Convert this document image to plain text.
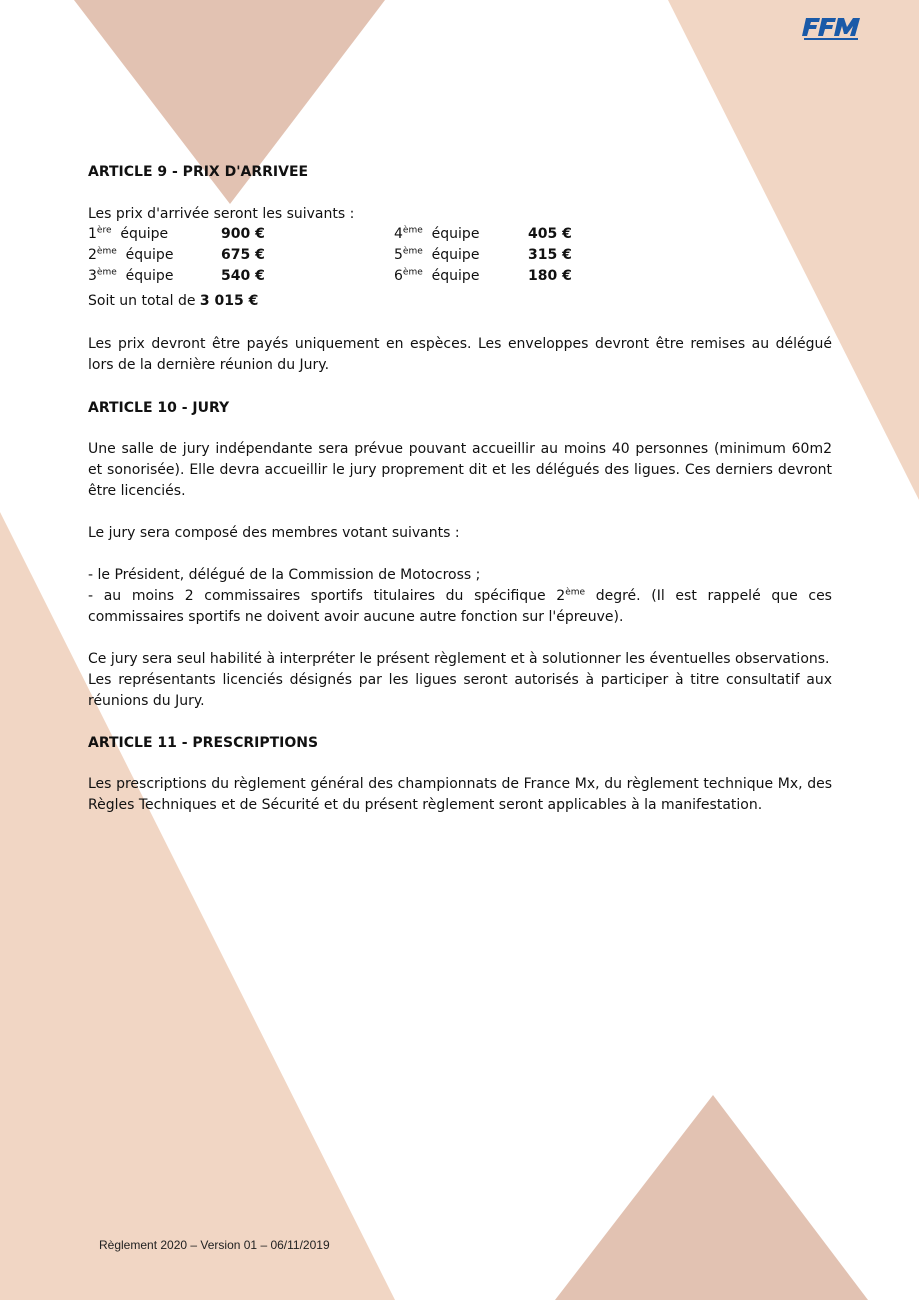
ARTICLE 9 - PRIX D'ARRIVEE

Les prix d'arrivée seront les suivants :

1ère équipe	900 €	4ème équipe	405 €
2ème équipe	675 €	5ème équipe	315 €
3ème équipe	540 €	6ème équipe	180 €

Soit un total de 3 015 €

Les prix devront être payés uniquement en espèces. Les enveloppes devront être remises au délégué lors de la dernière réunion du Jury.

ARTICLE 10 - JURY

Une salle de jury indépendante sera prévue pouvant accueillir au moins 40 personnes (minimum 60m2 et sonorisée). Elle devra accueillir le jury proprement dit et les délégués des ligues. Ces derniers devront être licenciés.

Le jury sera composé des membres votant suivants :

- le Président, délégué de la Commission de Motocross ;

- au moins 2 commissaires sportifs titulaires du spécifique 2ème degré. (Il est rappelé que ces commissaires sportifs ne doivent avoir aucune autre fonction sur l'épreuve).

Ce jury sera seul habilité à interpréter le présent règlement et à solutionner les éventuelles observations.

Les représentants licenciés désignés par les ligues seront autorisés à participer à titre consultatif aux réunions du Jury.

ARTICLE 11 - PRESCRIPTIONS

Les prescriptions du règlement général des championnats de France Mx, du règlement technique Mx, des Règles Techniques et de Sécurité et du présent règlement seront applicables à la manifestation.

Règlement 2020 – Version 01 – 06/11/2019
